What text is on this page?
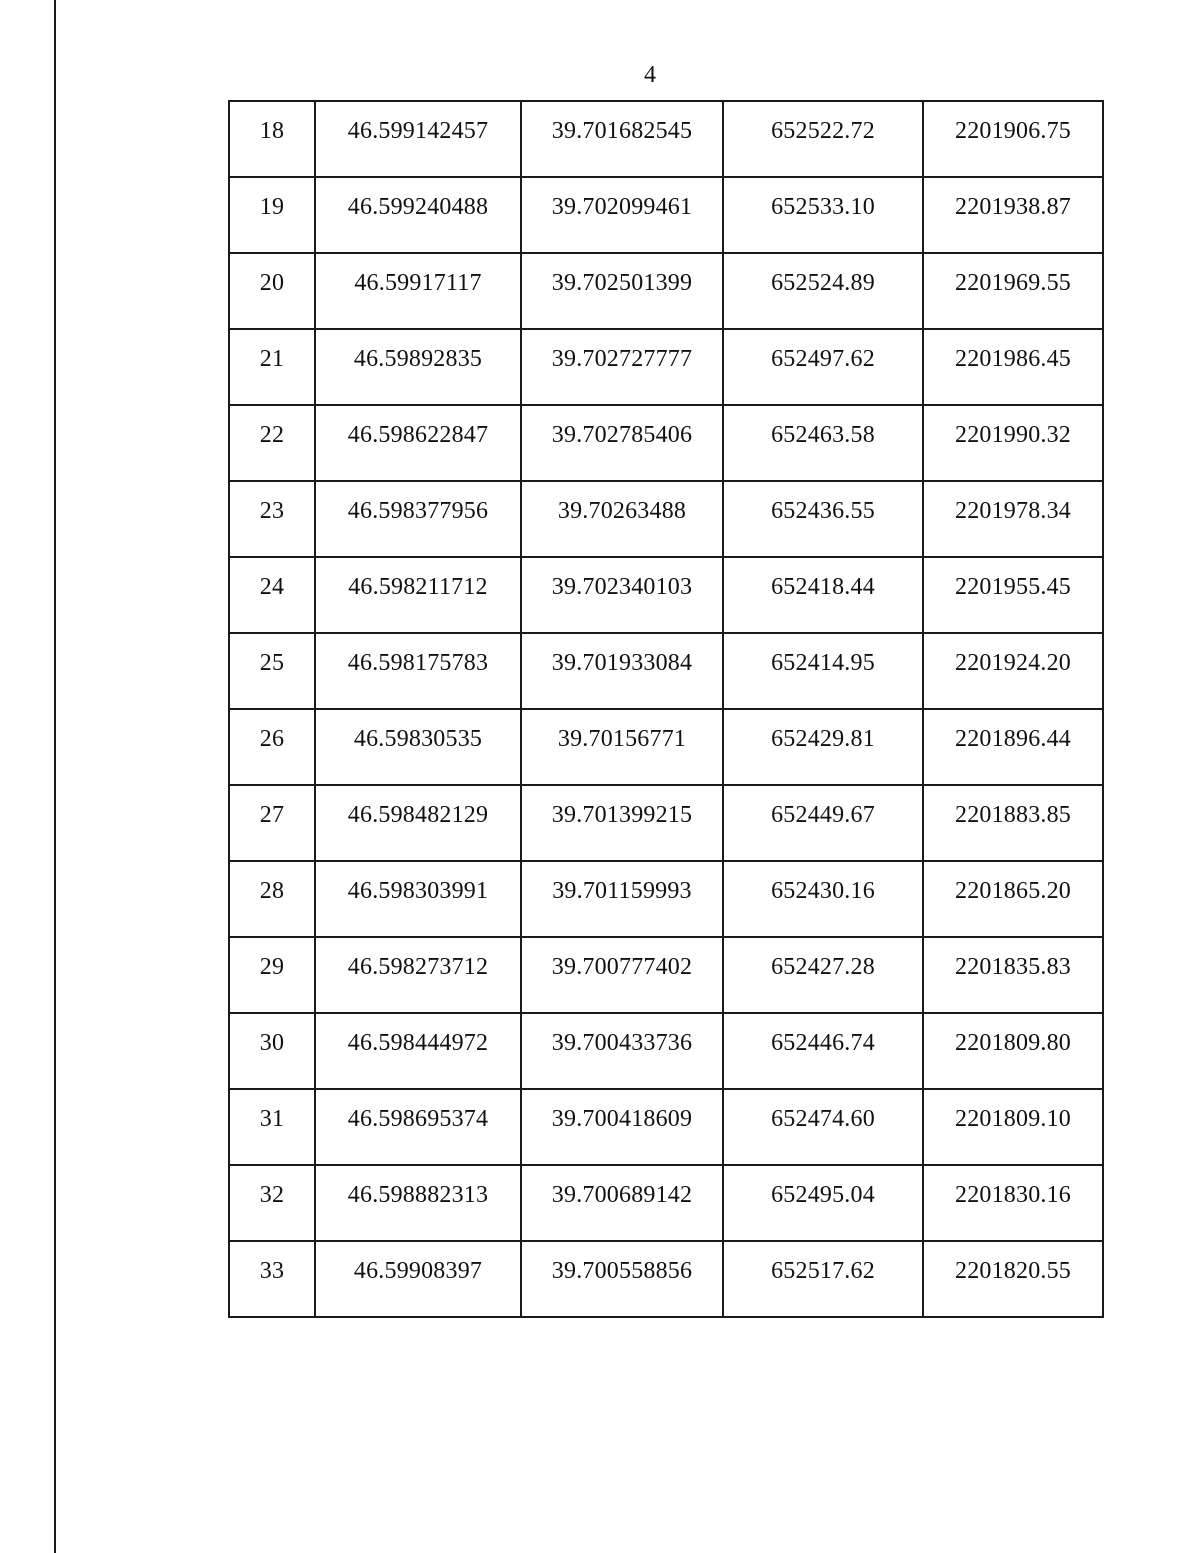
4
18	46.599142457	39.701682545	652522.72	2201906.75
19	46.599240488	39.702099461	652533.10	2201938.87
20	46.59917117	39.702501399	652524.89	2201969.55
21	46.59892835	39.702727777	652497.62	2201986.45
22	46.598622847	39.702785406	652463.58	2201990.32
23	46.598377956	39.70263488	652436.55	2201978.34
24	46.598211712	39.702340103	652418.44	2201955.45
25	46.598175783	39.701933084	652414.95	2201924.20
26	46.59830535	39.70156771	652429.81	2201896.44
27	46.598482129	39.701399215	652449.67	2201883.85
28	46.598303991	39.701159993	652430.16	2201865.20
29	46.598273712	39.700777402	652427.28	2201835.83
30	46.598444972	39.700433736	652446.74	2201809.80
31	46.598695374	39.700418609	652474.60	2201809.10
32	46.598882313	39.700689142	652495.04	2201830.16
33	46.59908397	39.700558856	652517.62	2201820.55
